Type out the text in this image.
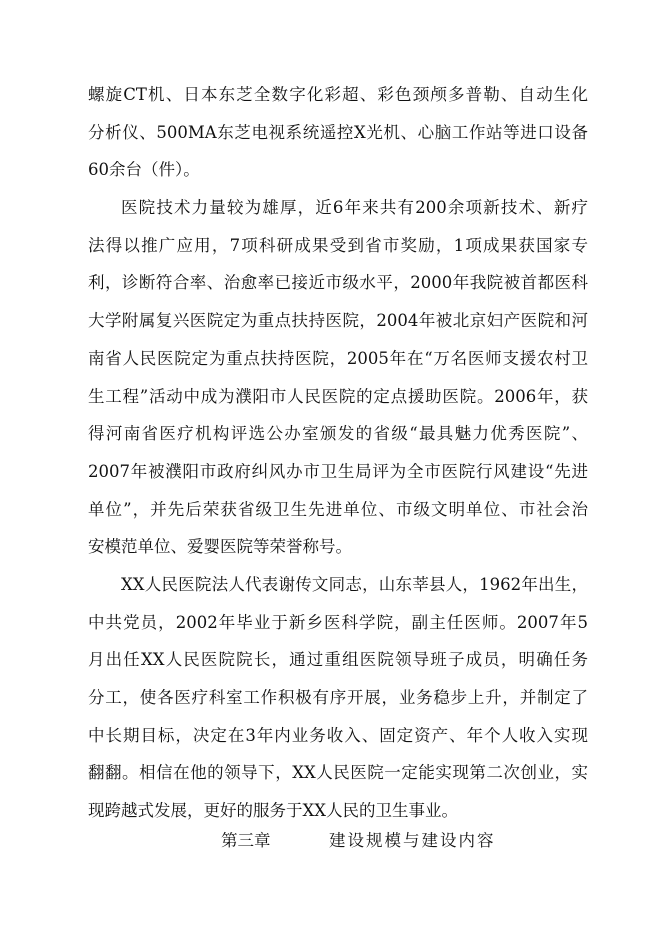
螺旋CT机、日本东芝全数字化彩超、彩色颈颅多普勒、自动生化
分析仪、500MA东芝电视系统遥控X光机、心脑工作站等进口设备
60余台（件）。
医院技术力量较为雄厚，近6年来共有200余项新技术、新疗
法得以推广应用，7项科研成果受到省市奖励，1项成果获国家专
利，诊断符合率、治愈率已接近市级水平，2000年我院被首都医科
大学附属复兴医院定为重点扶持医院，2004年被北京妇产医院和河
南省人民医院定为重点扶持医院，2005年在“万名医师支援农村卫
生工程”活动中成为濮阳市人民医院的定点援助医院。2006年，获
得河南省医疗机构评选公办室颁发的省级“最具魅力优秀医院”、
2007年被濮阳市政府纠风办市卫生局评为全市医院行风建设“先进
单位”，并先后荣获省级卫生先进单位、市级文明单位、市社会治
安模范单位、爱婴医院等荣誉称号。
XX人民医院法人代表谢传文同志，山东莘县人，1962年出生，
中共党员，2002年毕业于新乡医科学院，副主任医师。2007年5
月出任XX人民医院院长，通过重组医院领导班子成员，明确任务
分工，使各医疗科室工作积极有序开展，业务稳步上升，并制定了
中长期目标，决定在3年内业务收入、固定资产、年个人收入实现
翻翻。相信在他的领导下，XX人民医院一定能实现第二次创业，实
现跨越式发展，更好的服务于XX人民的卫生事业。
第三章	建设规模与建设内容
